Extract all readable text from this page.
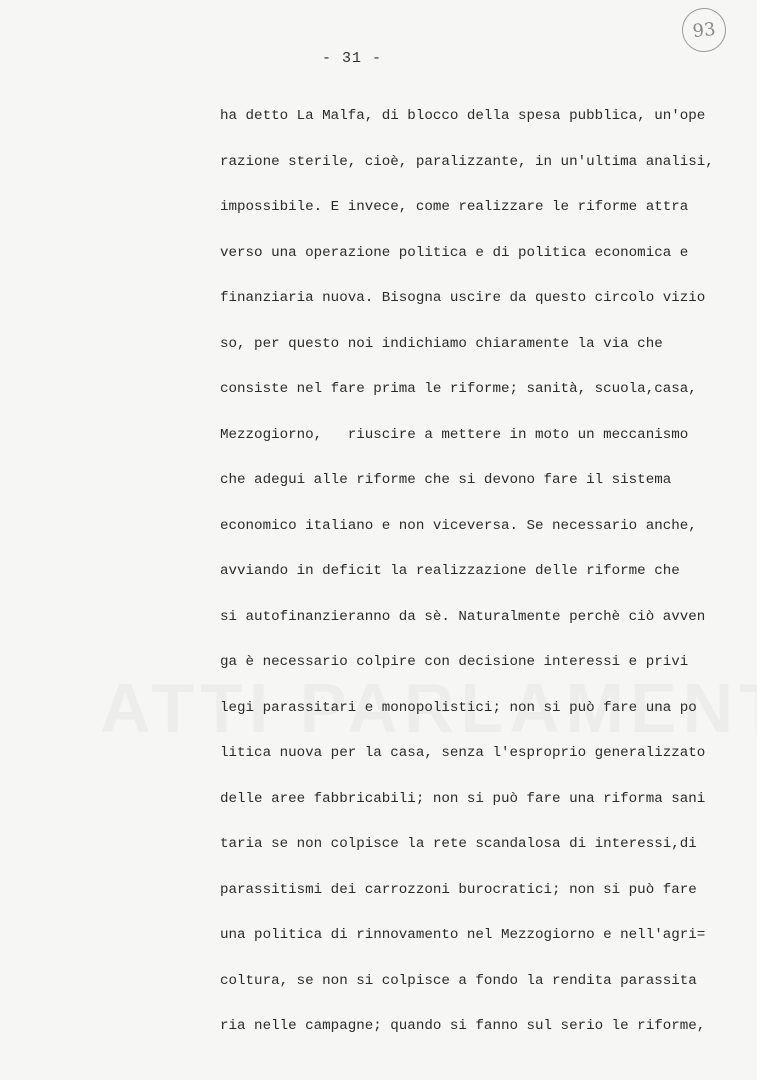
93
- 31 -
ha detto La Malfa, di blocco della spesa pubblica, un'ope
razione sterile, cioè, paralizzante, in un'ultima analisi,
impossibile. E invece, come realizzare le riforme attra
verso una operazione politica e di politica economica e
finanziaria nuova. Bisogna uscire da questo circolo vizio
so, per questo noi indichiamo chiaramente la via che
consiste nel fare prima le riforme; sanità, scuola,casa,
Mezzogiorno,   riuscire a mettere in moto un meccanismo
che adegui alle riforme che si devono fare il sistema
economico italiano e non viceversa. Se necessario anche,
avviando in deficit la realizzazione delle riforme che
si autofinanzieranno da sè. Naturalmente perchè ciò avven
ga è necessario colpire con decisione interessi e privi
legi parassitari e monopolistici; non si può fare una po
litica nuova per la casa, senza l'esproprio generalizzato
delle aree fabbricabili; non si può fare una riforma sani
taria se non colpisce la rete scandalosa di interessi,di
parassitismi dei carrozzoni burocratici; non si può fare
una politica di rinnovamento nel Mezzogiorno e nell'agri=
coltura, se non si colpisce a fondo la rendita parassita
ria nelle campagne; quando si fanno sul serio le riforme,
